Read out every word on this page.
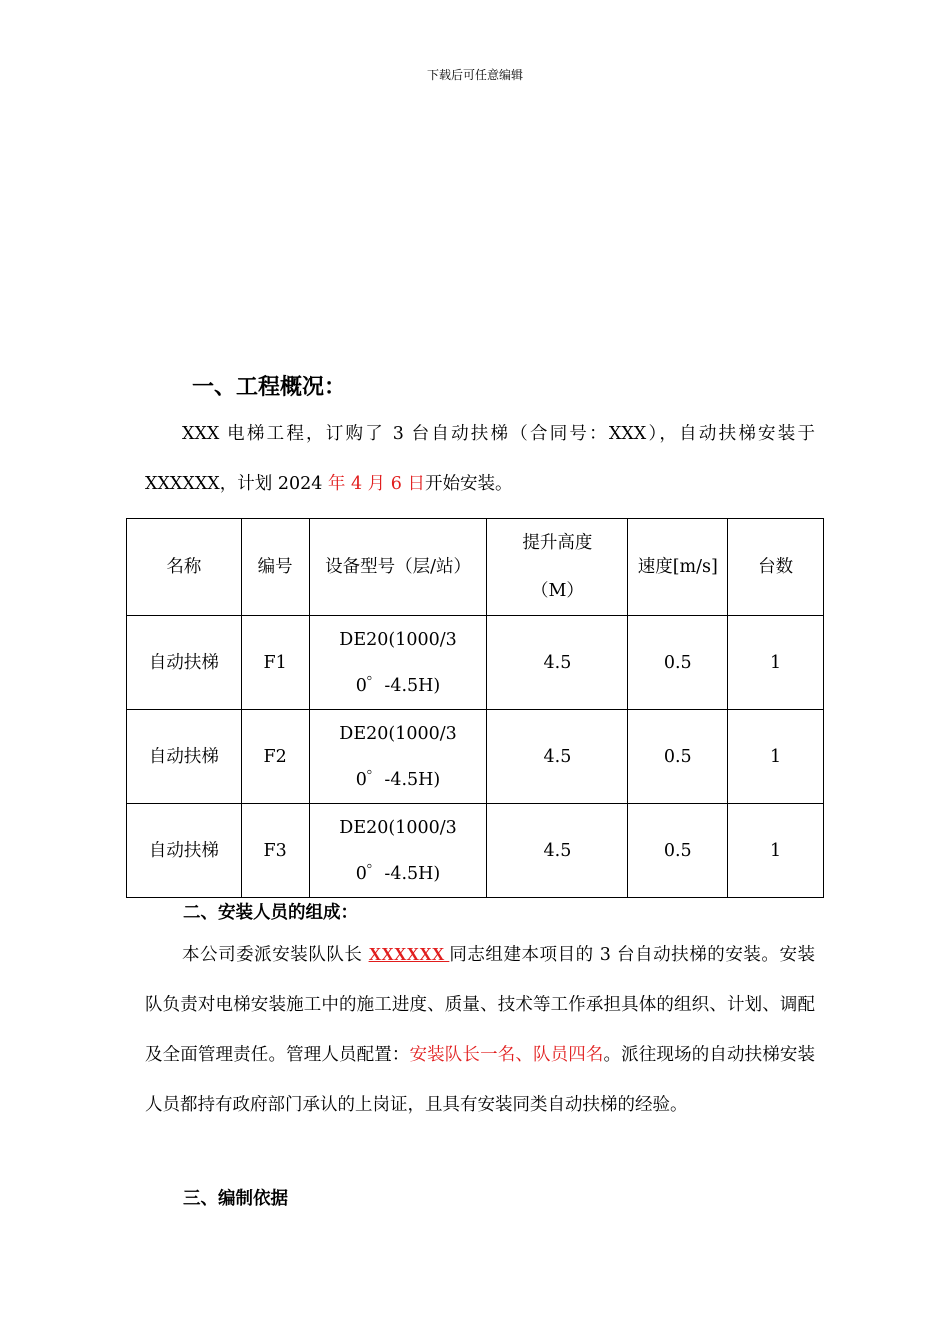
下载后可任意编辑
一、工程概况：
XXX 电梯工程，订购了 3 台自动扶梯（合同号：XXX），自动扶梯安装于 XXXXXX，计划 2024 年 4 月 6 日开始安装。
名称	编号	设备型号（层/站）	提升高度（M）	速度[m/s]	台数
自动扶梯	F1	DE20(1000/30゜-4.5H)	4.5	0.5	1
自动扶梯	F2	DE20(1000/30゜-4.5H)	4.5	0.5	1
自动扶梯	F3	DE20(1000/30゜-4.5H)	4.5	0.5	1
二、安装人员的组成：
本公司委派安装队队长 XXXXXX 同志组建本项目的 3 台自动扶梯的安装。安装队负责对电梯安装施工中的施工进度、质量、技术等工作承担具体的组织、计划、调配及全面管理责任。管理人员配置：安装队长一名、队员四名。派往现场的自动扶梯安装人员都持有政府部门承认的上岗证，且具有安装同类自动扶梯的经验。
三、编制依据
